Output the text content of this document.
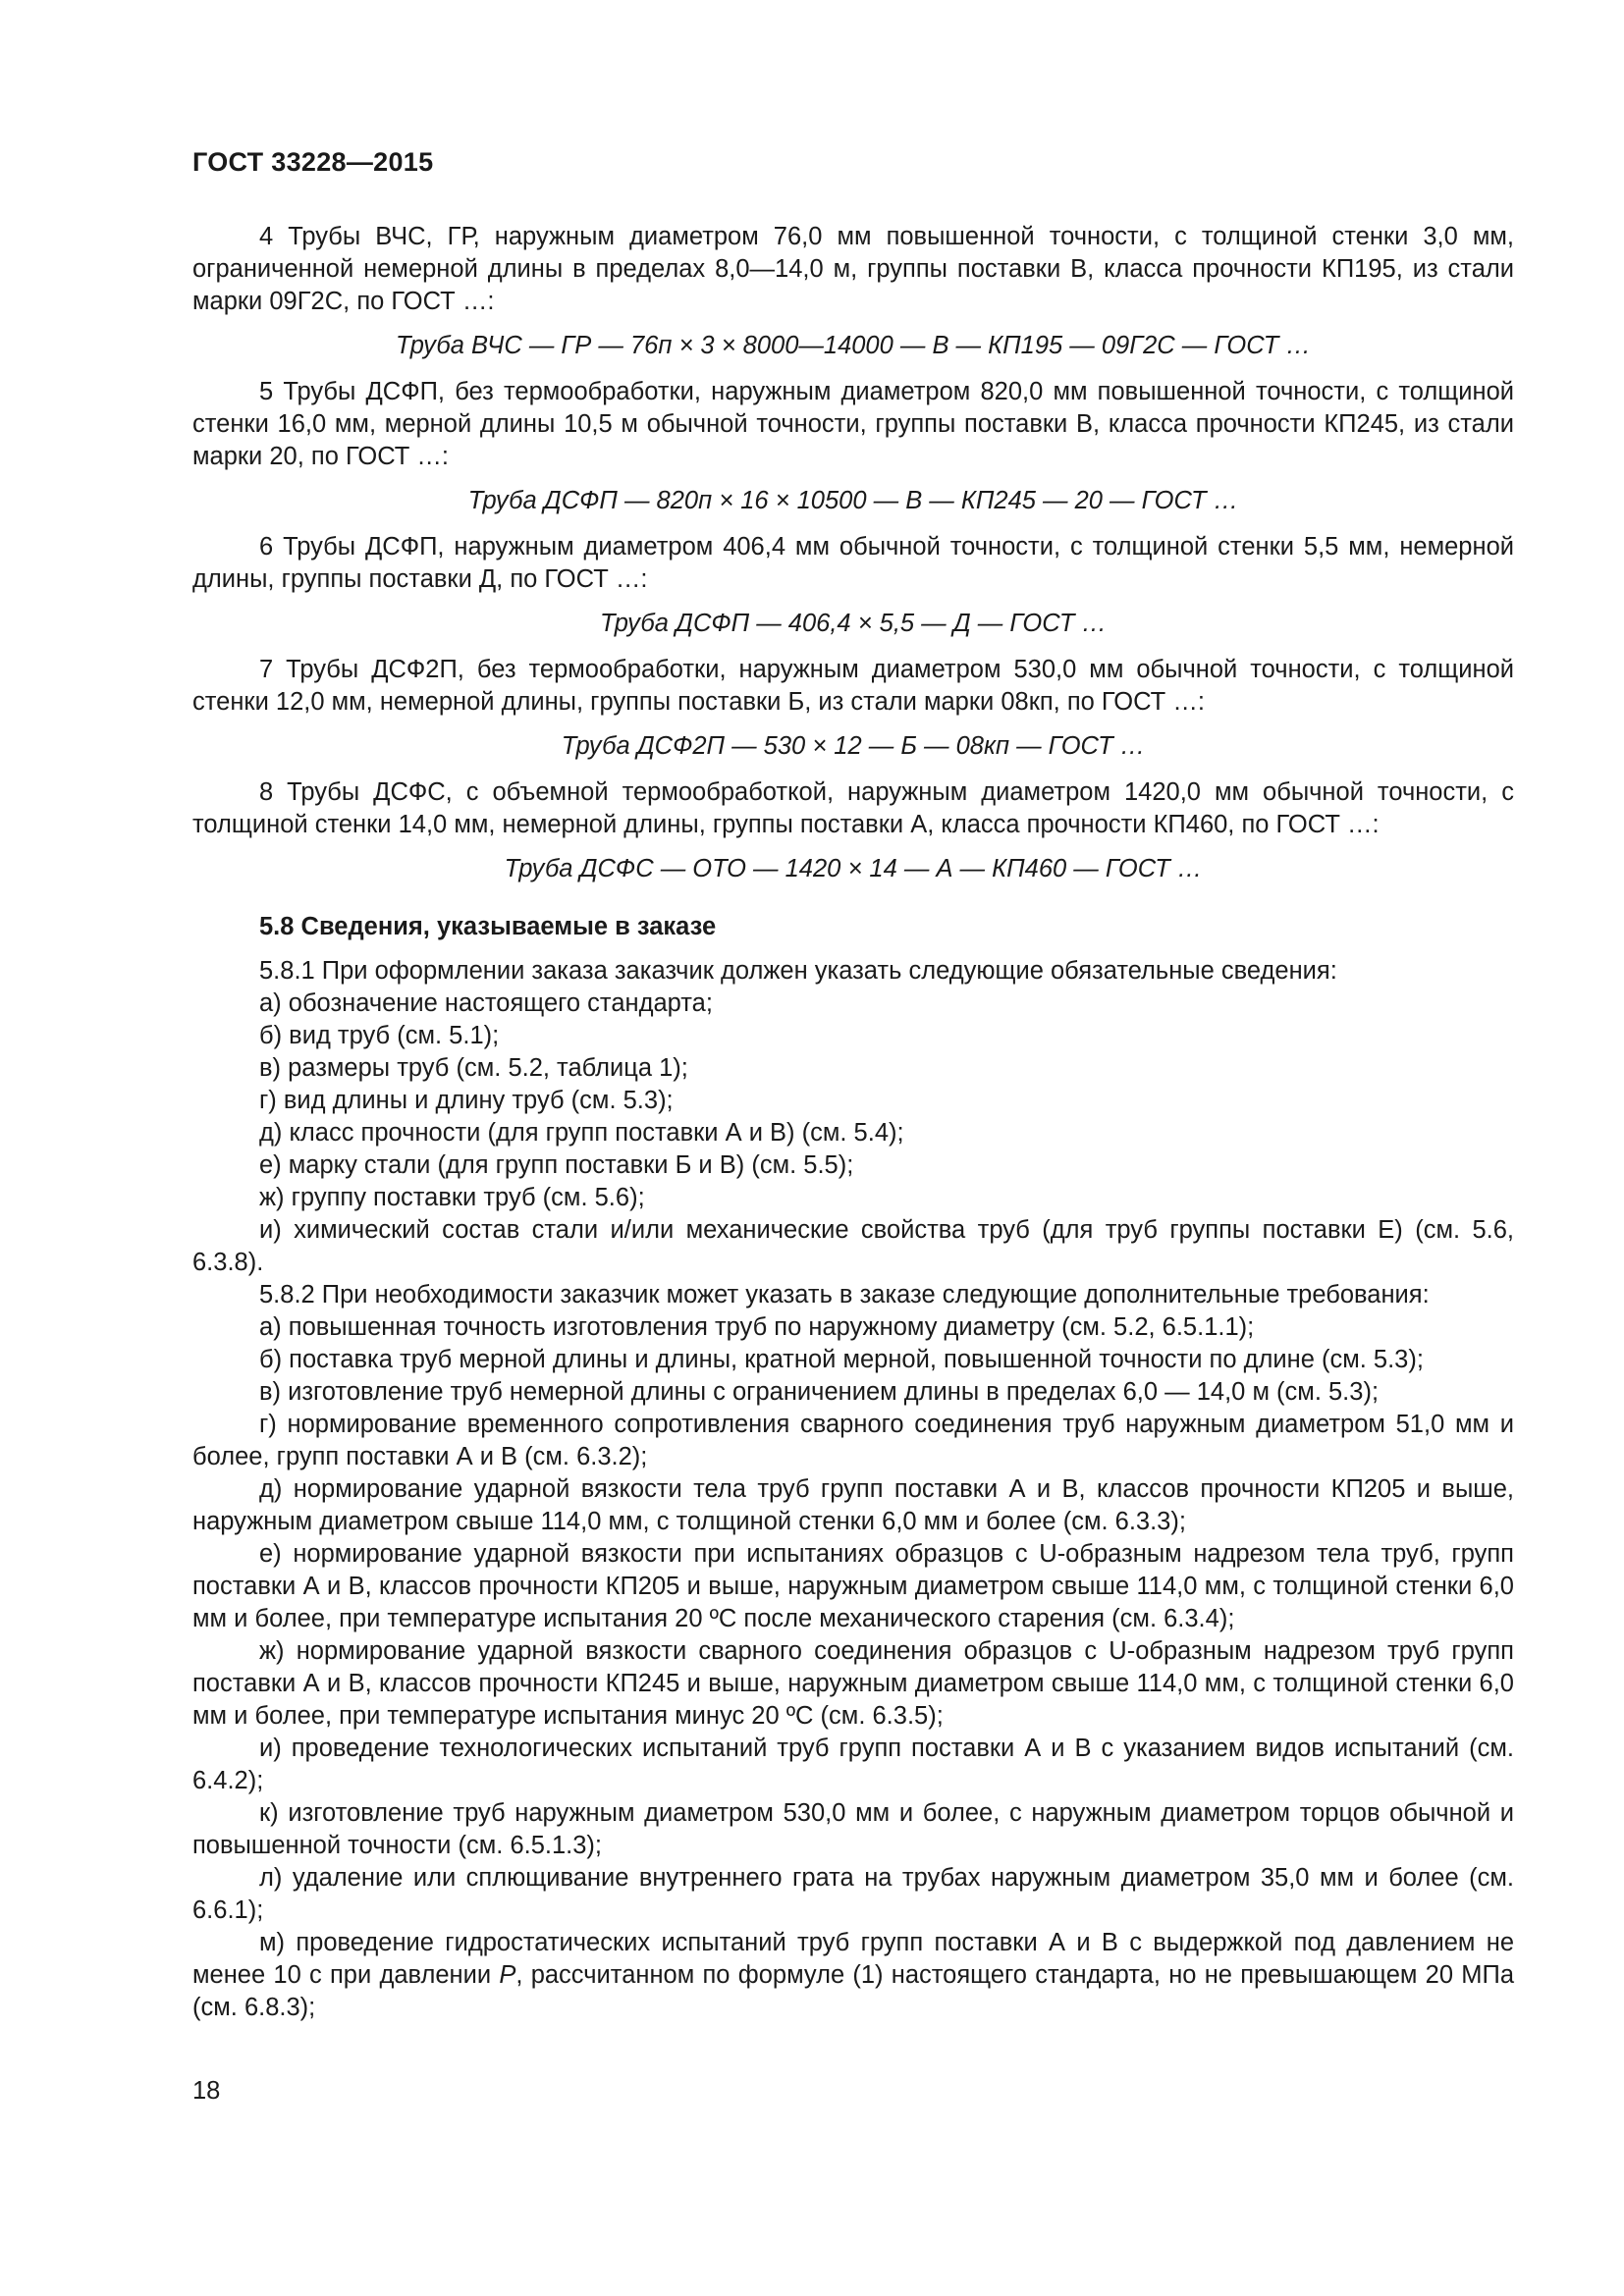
ГОСТ 33228—2015

4 Трубы ВЧС, ГР, наружным диаметром 76,0 мм повышенной точности, с толщиной стенки 3,0 мм, ограниченной немерной длины в пределах 8,0—14,0 м, группы поставки В, класса прочности КП195, из стали марки 09Г2С, по ГОСТ …:

Труба ВЧС — ГР — 76п × 3 × 8000—14000 — В — КП195 — 09Г2С — ГОСТ …

5 Трубы ДСФП, без термообработки, наружным диаметром 820,0 мм повышенной точности, с толщиной стенки 16,0 мм, мерной длины 10,5 м обычной точности, группы поставки В, класса прочности КП245, из стали марки 20, по ГОСТ …:

Труба ДСФП — 820п × 16 × 10500 — В — КП245 — 20 — ГОСТ …

6 Трубы ДСФП, наружным диаметром 406,4 мм обычной точности, с толщиной стенки 5,5 мм, немерной длины, группы поставки Д, по ГОСТ …:

Труба ДСФП — 406,4 × 5,5 — Д — ГОСТ …

7 Трубы ДСФ2П, без термообработки, наружным диаметром 530,0 мм обычной точности, с толщиной стенки 12,0 мм, немерной длины, группы поставки Б, из стали марки 08кп, по ГОСТ …:

Труба ДСФ2П — 530 × 12 — Б — 08кп — ГОСТ …

8 Трубы ДСФС, с объемной термообработкой, наружным диаметром 1420,0 мм обычной точности, с толщиной стенки 14,0 мм, немерной длины, группы поставки А, класса прочности КП460, по ГОСТ …:

Труба ДСФС — ОТО — 1420 × 14 — А — КП460 — ГОСТ …

5.8 Сведения, указываемые в заказе

5.8.1 При оформлении заказа заказчик должен указать следующие обязательные сведения:

а) обозначение настоящего стандарта;

б) вид труб (см. 5.1);

в) размеры труб (см. 5.2, таблица 1);

г) вид длины и длину труб (см. 5.3);

д) класс прочности (для групп поставки А и В) (см. 5.4);

е) марку стали (для групп поставки Б и В) (см. 5.5);

ж) группу поставки труб (см. 5.6);

и) химический состав стали и/или механические свойства труб (для труб группы поставки Е) (см. 5.6, 6.3.8).

5.8.2 При необходимости заказчик может указать в заказе следующие дополнительные требования:

а) повышенная точность изготовления труб по наружному диаметру (см. 5.2, 6.5.1.1);

б) поставка труб мерной длины и длины, кратной мерной, повышенной точности по длине (см. 5.3);

в) изготовление труб немерной длины с ограничением длины в пределах 6,0 — 14,0 м (см. 5.3);

г) нормирование временного сопротивления сварного соединения труб наружным диаметром 51,0 мм и более, групп поставки А и В (см. 6.3.2);

д) нормирование ударной вязкости тела труб групп поставки А и В, классов прочности КП205 и выше, наружным диаметром свыше 114,0 мм, с толщиной стенки 6,0 мм и более (см. 6.3.3);

е) нормирование ударной вязкости при испытаниях образцов с U-образным надрезом тела труб, групп поставки А и В, классов прочности КП205 и выше, наружным диаметром свыше 114,0 мм, с толщиной стенки 6,0 мм и более, при температуре испытания 20 ºС после механического старения (см. 6.3.4);

ж) нормирование ударной вязкости сварного соединения образцов с U-образным надрезом труб групп поставки А и В, классов прочности КП245 и выше, наружным диаметром свыше 114,0 мм, с толщиной стенки 6,0 мм и более, при температуре испытания минус 20 ºС (см. 6.3.5);

и) проведение технологических испытаний труб групп поставки А и В с указанием видов испытаний (см. 6.4.2);

к) изготовление труб наружным диаметром 530,0 мм и более, с наружным диаметром торцов обычной и повышенной точности (см. 6.5.1.3);

л) удаление или сплющивание внутреннего грата на трубах наружным диаметром 35,0 мм и более (см. 6.6.1);

м) проведение гидростатических испытаний труб групп поставки А и В с выдержкой под давлением не менее 10 с при давлении Р, рассчитанном по формуле (1) настоящего стандарта, но не превышающем 20 МПа (см. 6.8.3);

18
